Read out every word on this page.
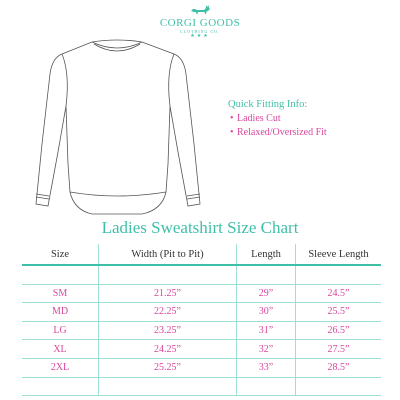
CORGI GOODS
CLOTHING CO.
★★★
Quick Fitting Info:
• Ladies Cut
• Relaxed/Oversized Fit
Ladies Sweatshirt Size Chart
Size	Width (Pit to Pit)	Length	Sleeve Length

SM	21.25”	29”	24.5”
MD	22.25”	30”	25.5”
LG	23.25”	31”	26.5”
XL	24.25”	32”	27.5”
2XL	25.25”	33”	28.5”
